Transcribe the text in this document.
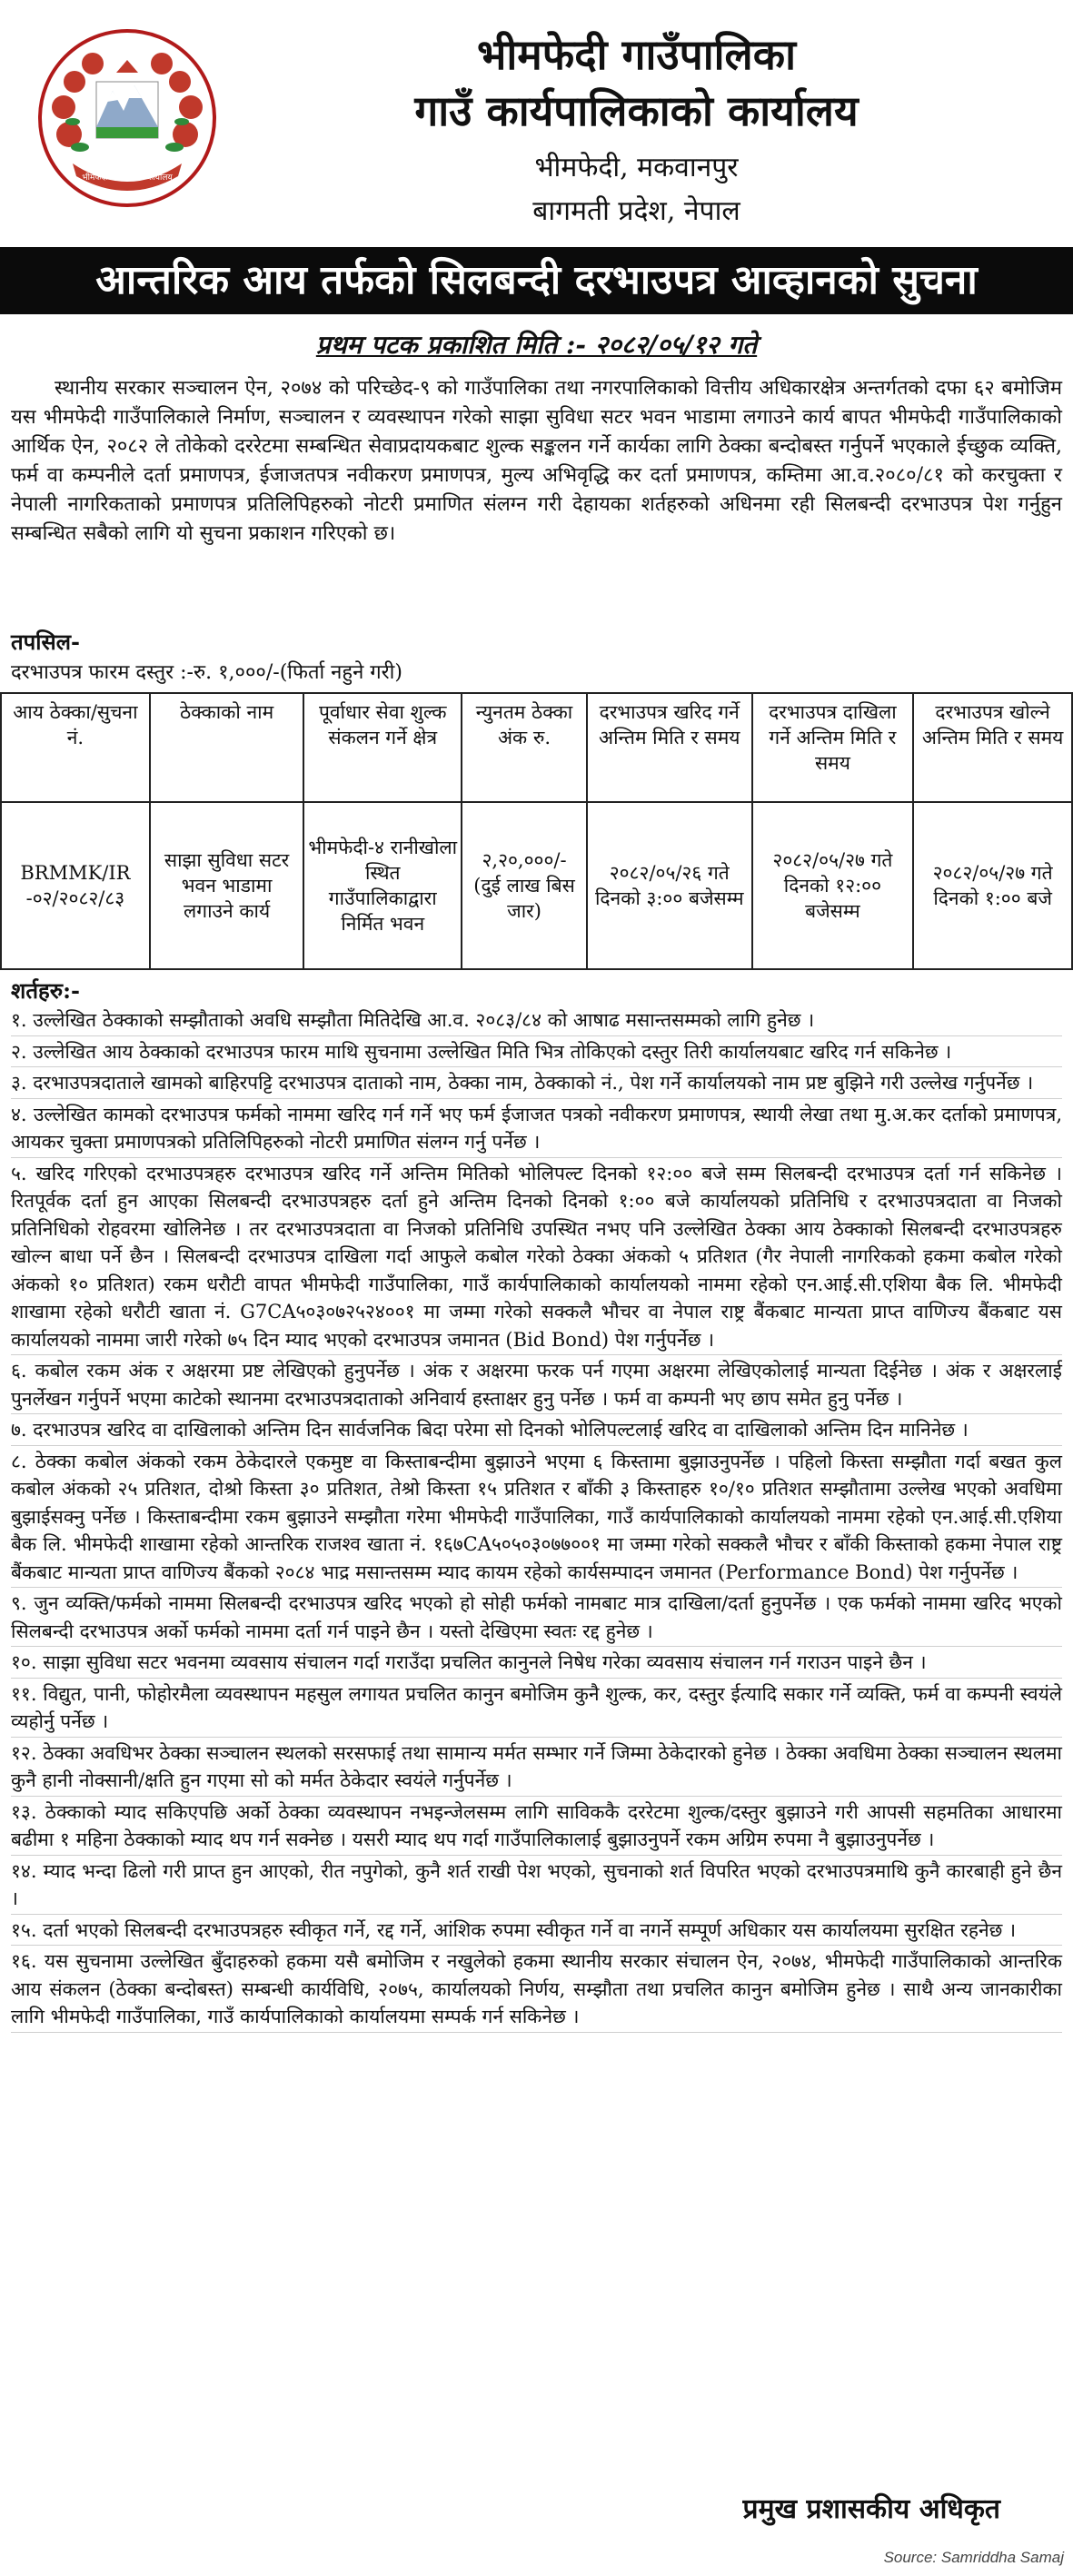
भीमफेदी गाउँपालिका कार्यालय
भीमफेदी गाउँपालिका
गाउँ कार्यपालिकाको कार्यालय
भीमफेदी, मकवानपुर
बागमती प्रदेश, नेपाल
आन्तरिक आय तर्फको सिलबन्दी दरभाउपत्र आव्हानको सुचना
प्रथम पटक प्रकाशित मिति :- २०८२/०५/१२ गते

स्थानीय सरकार सञ्चालन ऐन, २०७४ को परिच्छेद-९ को गाउँपालिका तथा नगरपालिकाको वित्तीय अधिकारक्षेत्र अन्तर्गतको दफा ६२ बमोजिम यस भीमफेदी गाउँपालिकाले निर्माण, सञ्चालन र व्यवस्थापन गरेको साझा सुविधा सटर भवन भाडामा लगाउने कार्य बापत भीमफेदी गाउँपालिकाको आर्थिक ऐन, २०८२ ले तोकेको दररेटमा सम्बन्धित सेवाप्रदायकबाट शुल्क सङ्कलन गर्ने कार्यका लागि ठेक्का बन्दोबस्त गर्नुपर्ने भएकाले ईच्छुक व्यक्ति, फर्म वा कम्पनीले दर्ता प्रमाणपत्र, ईजाजतपत्र नवीकरण प्रमाणपत्र, मुल्य अभिवृद्धि कर दर्ता प्रमाणपत्र, कम्तिमा आ.व.२०८०/८१ को करचुक्ता र नेपाली नागरिकताको प्रमाणपत्र प्रतिलिपिहरुको नोटरी प्रमाणित संलग्न गरी देहायका शर्तहरुको अधिनमा रही सिलबन्दी दरभाउपत्र पेश गर्नुहुन सम्बन्धित सबैको लागि यो सुचना प्रकाशन गरिएको छ।

तपसिल-
दरभाउपत्र फारम दस्तुर :-रु. १,०००/-(फिर्ता नहुने गरी)
आय ठेक्का/सुचना नं.	ठेक्काको नाम	पूर्वाधार सेवा शुल्क संकलन गर्ने क्षेत्र	न्युनतम ठेक्का अंक रु.	दरभाउपत्र खरिद गर्ने अन्तिम मिति र समय	दरभाउपत्र दाखिला गर्ने अन्तिम मिति र समय	दरभाउपत्र खोल्ने अन्तिम मिति र समय
BRMMK/IR -०२/२०८२/८३	साझा सुविधा सटर भवन भाडामा लगाउने कार्य	भीमफेदी-४ रानीखोला स्थित गाउँपालिकाद्वारा निर्मित भवन	२,२०,०००/- (दुई लाख बिस जार)	२०८२/०५/२६ गते दिनको ३:०० बजेसम्म	२०८२/०५/२७ गते दिनको १२:०० बजेसम्म	२०८२/०५/२७ गते दिनको १:०० बजे
शर्तहरु:-
१. उल्लेखित ठेक्काको सम्झौताको अवधि सम्झौता मितिदेखि आ.व. २०८३/८४ को आषाढ मसान्तसम्मको लागि हुनेछ ।
२. उल्लेखित आय ठेक्काको दरभाउपत्र फारम माथि सुचनामा उल्लेखित मिति भित्र तोकिएको दस्तुर तिरी कार्यालयबाट खरिद गर्न सकिनेछ ।
३. दरभाउपत्रदाताले खामको बाहिरपट्टि दरभाउपत्र दाताको नाम, ठेक्का नाम, ठेक्काको नं., पेश गर्ने कार्यालयको नाम प्रष्ट बुझिने गरी उल्लेख गर्नुपर्नेछ ।
४. उल्लेखित कामको दरभाउपत्र फर्मको नाममा खरिद गर्न गर्ने भए फर्म ईजाजत पत्रको नवीकरण प्रमाणपत्र, स्थायी लेखा तथा मु.अ.कर दर्ताको प्रमाणपत्र, आयकर चुक्ता प्रमाणपत्रको प्रतिलिपिहरुको नोटरी प्रमाणित संलग्न गर्नु पर्नेछ ।
५. खरिद गरिएको दरभाउपत्रहरु दरभाउपत्र खरिद गर्ने अन्तिम मितिको भोलिपल्ट दिनको १२:०० बजे सम्म सिलबन्दी दरभाउपत्र दर्ता गर्न सकिनेछ । रितपूर्वक दर्ता हुन आएका सिलबन्दी दरभाउपत्रहरु दर्ता हुने अन्तिम दिनको दिनको १:०० बजे कार्यालयको प्रतिनिधि र दरभाउपत्रदाता वा निजको प्रतिनिधिको रोहवरमा खोलिनेछ । तर दरभाउपत्रदाता वा निजको प्रतिनिधि उपस्थित नभए पनि उल्लेखित ठेक्का आय ठेक्काको सिलबन्दी दरभाउपत्रहरु खोल्न बाधा पर्ने छैन । सिलबन्दी दरभाउपत्र दाखिला गर्दा आफुले कबोल गरेको ठेक्का अंकको ५ प्रतिशत (गैर नेपाली नागरिकको हकमा कबोल गरेको अंकको १० प्रतिशत) रकम धरौटी वापत भीमफेदी गाउँपालिका, गाउँ कार्यपालिकाको कार्यालयको नाममा रहेको एन.आई.सी.एशिया बैक लि. भीमफेदी शाखामा रहेको धरौटी खाता नं. G7CA५०३०७२५२४००१ मा जम्मा गरेको सक्कलै भौचर वा नेपाल राष्ट्र बैंकबाट मान्यता प्राप्त वाणिज्य बैंकबाट यस कार्यालयको नाममा जारी गरेको ७५ दिन म्याद भएको दरभाउपत्र जमानत (Bid Bond) पेश गर्नुपर्नेछ ।
६. कबोल रकम अंक र अक्षरमा प्रष्ट लेखिएको हुनुपर्नेछ । अंक र अक्षरमा फरक पर्न गएमा अक्षरमा लेखिएकोलाई मान्यता दिईनेछ । अंक र अक्षरलाई पुनर्लेखन गर्नुपर्ने भएमा काटेको स्थानमा दरभाउपत्रदाताको अनिवार्य हस्ताक्षर हुनु पर्नेछ । फर्म वा कम्पनी भए छाप समेत हुनु पर्नेछ ।
७. दरभाउपत्र खरिद वा दाखिलाको अन्तिम दिन सार्वजनिक बिदा परेमा सो दिनको भोलिपल्टलाई खरिद वा दाखिलाको अन्तिम दिन मानिनेछ ।
८. ठेक्का कबोल अंकको रकम ठेकेदारले एकमुष्ट वा किस्ताबन्दीमा बुझाउने भएमा ६ किस्तामा बुझाउनुपर्नेछ । पहिलो किस्ता सम्झौता गर्दा बखत कुल कबोल अंकको २५ प्रतिशत, दोश्रो किस्ता ३० प्रतिशत, तेश्रो किस्ता १५ प्रतिशत र बाँकी ३ किस्ताहरु १०/१० प्रतिशत सम्झौतामा उल्लेख भएको अवधिमा बुझाईसक्नु पर्नेछ । किस्ताबन्दीमा रकम बुझाउने सम्झौता गरेमा भीमफेदी गाउँपालिका, गाउँ कार्यपालिकाको कार्यालयको नाममा रहेको एन.आई.सी.एशिया बैक लि. भीमफेदी शाखामा रहेको आन्तरिक राजश्व खाता नं. १६७CA५०५०३०७७००१ मा जम्मा गरेको सक्कलै भौचर र बाँकी किस्ताको हकमा नेपाल राष्ट्र बैंकबाट मान्यता प्राप्त वाणिज्य बैंकको २०८४ भाद्र मसान्तसम्म म्याद कायम रहेको कार्यसम्पादन जमानत (Performance Bond) पेश गर्नुपर्नेछ ।
९. जुन व्यक्ति/फर्मको नाममा सिलबन्दी दरभाउपत्र खरिद भएको हो सोही फर्मको नामबाट मात्र दाखिला/दर्ता हुनुपर्नेछ । एक फर्मको नाममा खरिद भएको सिलबन्दी दरभाउपत्र अर्को फर्मको नाममा दर्ता गर्न पाइने छैन । यस्तो देखिएमा स्वतः रद्द हुनेछ ।
१०. साझा सुविधा सटर भवनमा व्यवसाय संचालन गर्दा गराउँदा प्रचलित कानुनले निषेध गरेका व्यवसाय संचालन गर्न गराउन पाइने छैन ।
११. विद्युत, पानी, फोहोरमैला व्यवस्थापन महसुल लगायत प्रचलित कानुन बमोजिम कुनै शुल्क, कर, दस्तुर ईत्यादि सकार गर्ने व्यक्ति, फर्म वा कम्पनी स्वयंले व्यहोर्नु पर्नेछ ।
१२. ठेक्का अवधिभर ठेक्का सञ्चालन स्थलको सरसफाई तथा सामान्य मर्मत सम्भार गर्ने जिम्मा ठेकेदारको हुनेछ । ठेक्का अवधिमा ठेक्का सञ्चालन स्थलमा कुनै हानी नोक्सानी/क्षति हुन गएमा सो को मर्मत ठेकेदार स्वयंले गर्नुपर्नेछ ।
१३. ठेक्काको म्याद सकिएपछि अर्को ठेक्का व्यवस्थापन नभइन्जेलसम्म लागि साविककै दररेटमा शुल्क/दस्तुर बुझाउने गरी आपसी सहमतिका आधारमा बढीमा १ महिना ठेक्काको म्याद थप गर्न सक्नेछ । यसरी म्याद थप गर्दा गाउँपालिकालाई बुझाउनुपर्ने रकम अग्रिम रुपमा नै बुझाउनुपर्नेछ ।
१४. म्याद भन्दा ढिलो गरी प्राप्त हुन आएको, रीत नपुगेको, कुनै शर्त राखी पेश भएको, सुचनाको शर्त विपरित भएको दरभाउपत्रमाथि कुनै कारबाही हुने छैन ।
१५. दर्ता भएको सिलबन्दी दरभाउपत्रहरु स्वीकृत गर्ने, रद्द गर्ने, आंशिक रुपमा स्वीकृत गर्ने वा नगर्ने सम्पूर्ण अधिकार यस कार्यालयमा सुरक्षित रहनेछ ।
१६. यस सुचनामा उल्लेखित बुँदाहरुको हकमा यसै बमोजिम र नखुलेको हकमा स्थानीय सरकार संचालन ऐन, २०७४, भीमफेदी गाउँपालिकाको आन्तरिक आय संकलन (ठेक्का बन्दोबस्त) सम्बन्धी कार्यविधि, २०७५, कार्यालयको निर्णय, सम्झौता तथा प्रचलित कानुन बमोजिम हुनेछ । साथै अन्य जानकारीका लागि भीमफेदी गाउँपालिका, गाउँ कार्यपालिकाको कार्यालयमा सम्पर्क गर्न सकिनेछ ।
प्रमुख प्रशासकीय अधिकृत
Source: Samriddha Samaj
